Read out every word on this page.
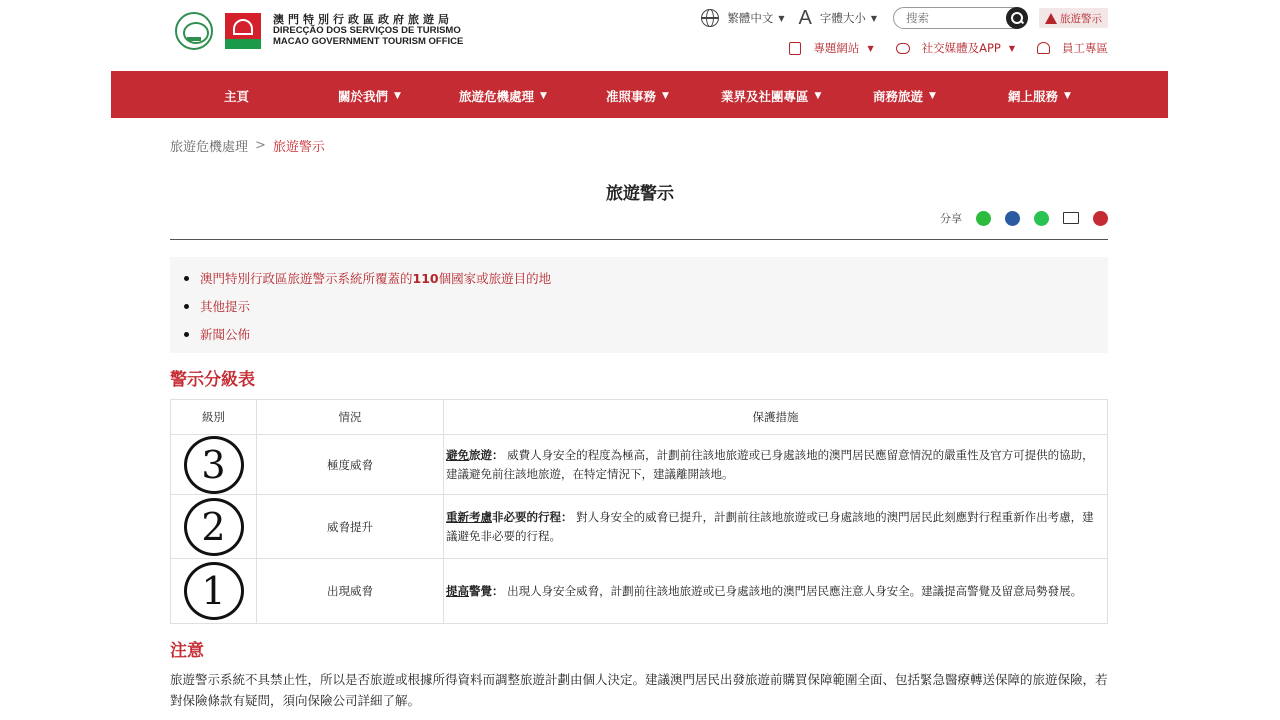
澳門特別行政區政府旅遊局
DIRECÇÃO DOS SERVIÇOS DE TURISMO
MACAO GOVERNMENT TOURISM OFFICE
繁體中文 ▼ A 字體大小 ▼
搜索	旅遊警示
專題網站 ▼	社交媒體及APP ▼	員工專區
主頁	關於我們 ▼	旅遊危機處理 ▼	准照事務 ▼	業界及社團專區 ▼	商務旅遊 ▼	網上服務 ▼
旅遊危機處理 > 旅遊警示
旅遊警示
分享
澳門特別行政區旅遊警示系統所覆蓋的110個國家或旅遊目的地
其他提示
新聞公佈
警示分級表
級別	情況	保護措施

3	極度威脅	避免旅遊： 威費人身安全的程度為極高，計劃前往該地旅遊或已身處該地的澳門居民應留意情況的嚴重性及官方可提供的協助，建議避免前往該地旅遊，在特定情況下，建議離開該地。

2	威脅提升	重新考慮非必要的行程： 對人身安全的威脅已提升，計劃前往該地旅遊或已身處該地的澳門居民此刻應對行程重新作出考慮，建議避免非必要的行程。

1	出現威脅	提高警覺： 出現人身安全威脅，計劃前往該地旅遊或已身處該地的澳門居民應注意人身安全。建議提高警覺及留意局勢發展。
注意
旅遊警示系統不具禁止性，所以是否旅遊或根據所得資料而調整旅遊計劃由個人決定。建議澳門居民出發旅遊前購買保障範圍全面、包括緊急醫療轉送保障的旅遊保險，若對保險條款有疑問，須向保險公司詳細了解。
